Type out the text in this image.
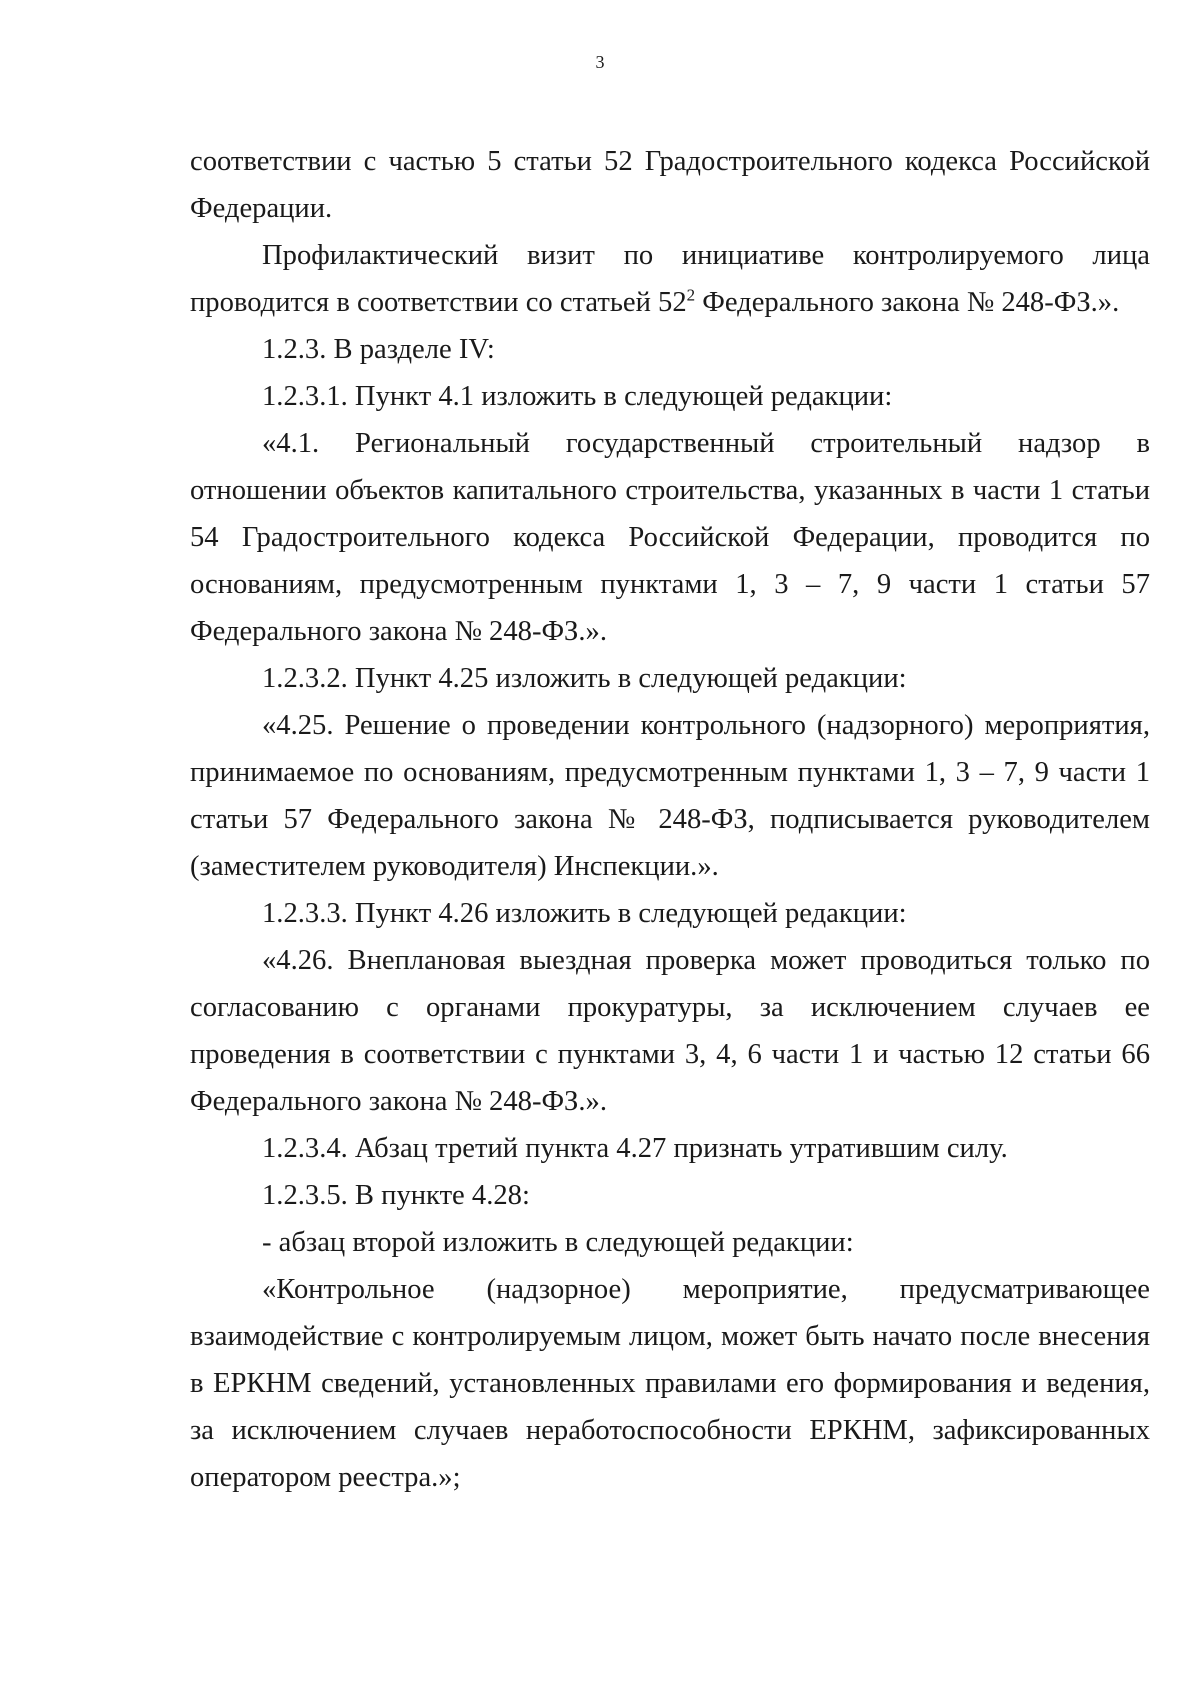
3

соответствии с частью 5 статьи 52 Градостроительного кодекса Российской Федерации.

Профилактический визит по инициативе контролируемого лица проводится в соответствии со статьей $52^2$ Федерального закона № 248-ФЗ.».

1.2.3. В разделе IV:

1.2.3.1. Пункт 4.1 изложить в следующей редакции:

«4.1. Региональный государственный строительный надзор в отношении объектов капитального строительства, указанных в части 1 статьи 54 Градостроительного кодекса Российской Федерации, проводится по основаниям, предусмотренным пунктами 1, 3 – 7, 9 части 1 статьи 57 Федерального закона № 248-ФЗ.».

1.2.3.2. Пункт 4.25 изложить в следующей редакции:

«4.25. Решение о проведении контрольного (надзорного) мероприятия, принимаемое по основаниям, предусмотренным пунктами 1, 3 – 7, 9 части 1 статьи 57 Федерального закона № 248-ФЗ, подписывается руководителем (заместителем руководителя) Инспекции.».

1.2.3.3. Пункт 4.26 изложить в следующей редакции:

«4.26. Внеплановая выездная проверка может проводиться только по согласованию с органами прокуратуры, за исключением случаев ее проведения в соответствии с пунктами 3, 4, 6 части 1 и частью 12 статьи 66 Федерального закона № 248-ФЗ.».

1.2.3.4. Абзац третий пункта 4.27 признать утратившим силу.

1.2.3.5. В пункте 4.28:

- абзац второй изложить в следующей редакции:

«Контрольное (надзорное) мероприятие, предусматривающее взаимодействие с контролируемым лицом, может быть начато после внесения в ЕРКНМ сведений, установленных правилами его формирования и ведения, за исключением случаев неработоспособности ЕРКНМ, зафиксированных оператором реестра.»;
